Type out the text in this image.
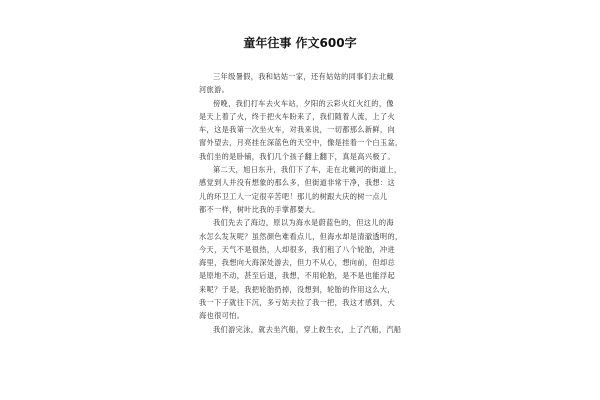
童年往事 作文600字
三年级暑假，我和姑姑一家，还有姑姑的同事们去北戴
河旅游。
傍晚，我们打车去火车站，夕阳的云彩火红火红的，像
是天上着了火，终于把火车盼来了，我们随着人流，上了火
车，这是我第一次坐火车，对我来说，一切都那么新鲜，向
窗外望去，月亮挂在深蓝色的天空中，像是挂着一个白玉盆，
我们坐的是卧铺，我们几个孩子翻上翻下，真是高兴极了。
第二天，旭日东升，我们下了车，走在北戴河的街道上，
感觉到人并没有想象的那么多，但街道非常干净，我想：这
儿的环卫工人一定很辛苦吧！那儿的树跟大庆的树一点儿
都不一样，树叶比我的手掌都要大。
我们先去了海边，原以为海水是蔚蓝色的，但这儿的海
水怎么发灰呢？虽然颜色难看点儿，但海水却是清澈透明的，
今天，天气不是很热，人却很多，我们租了八个轮胎，冲进
海里，我想向大海深处游去，但力不从心，想向前，但却总
是原地不动，甚至后退，我想，不用轮胎，是不是也能浮起
来呢？于是，我把轮胎扔掉，没想到，轮胎的作用这么大，
我一下子就往下沉，多亏姑夫拉了我一把，我这才感到，大
海也很可怕。
我们游完泳，就去坐汽船，穿上救生衣，上了汽船，汽船
